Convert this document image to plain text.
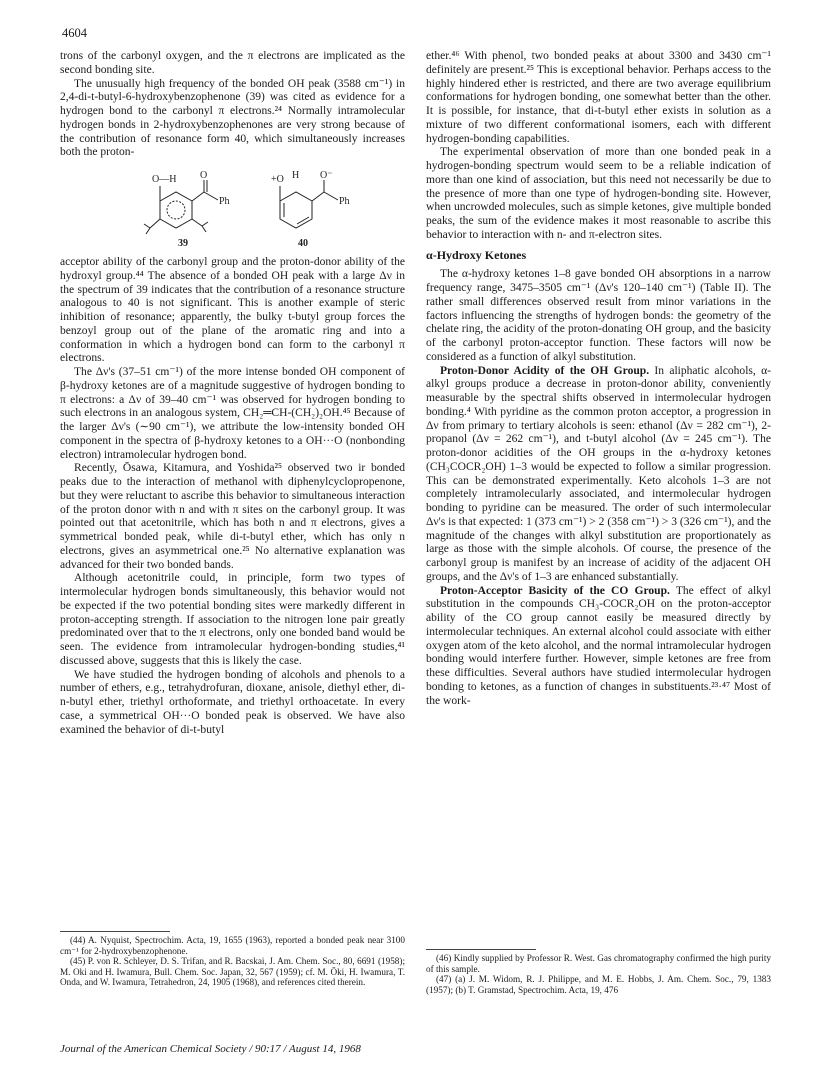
4604

trons of the carbonyl oxygen, and the π electrons are implicated as the second bonding site.

The unusually high frequency of the bonded OH peak (3588 cm⁻¹) in 2,4-di-t-butyl-6-hydroxybenzophenone (39) was cited as evidence for a hydrogen bond to the carbonyl π electrons.²⁴ Normally intramolecular hydrogen bonds in 2-hydroxybenzophenones are very strong because of the contribution of resonance form 40, which simultaneously increases both the proton-

O—H O
Ph
39
+O H O⁻
Ph
40

acceptor ability of the carbonyl group and the proton-donor ability of the hydroxyl group.⁴⁴ The absence of a bonded OH peak with a large Δν in the spectrum of 39 indicates that the contribution of a resonance structure analogous to 40 is not significant. This is another example of steric inhibition of resonance; apparently, the bulky t-butyl group forces the benzoyl group out of the plane of the aromatic ring and into a conformation in which a hydrogen bond can form to the carbonyl π electrons.

The Δν's (37–51 cm⁻¹) of the more intense bonded OH component of β-hydroxy ketones are of a magnitude suggestive of hydrogen bonding to π electrons: a Δν of 39–40 cm⁻¹ was observed for hydrogen bonding to such electrons in an analogous system, CH₂═CH-(CH₂)₂OH.⁴⁵ Because of the larger Δν's (∼90 cm⁻¹), we attribute the low-intensity bonded OH component in the spectra of β-hydroxy ketones to a OH···O (nonbonding electron) intramolecular hydrogen bond.

Recently, Ōsawa, Kitamura, and Yoshida²⁵ observed two ir bonded peaks due to the interaction of methanol with diphenylcyclopropenone, but they were reluctant to ascribe this behavior to simultaneous interaction of the proton donor with n and with π sites on the carbonyl group. It was pointed out that acetonitrile, which has both n and π electrons, gives a symmetrical bonded peak, while di-t-butyl ether, which has only n electrons, gives an asymmetrical one.²⁵ No alternative explanation was advanced for their two bonded bands.

Although acetonitrile could, in principle, form two types of intermolecular hydrogen bonds simultaneously, this behavior would not be expected if the two potential bonding sites were markedly different in proton-accepting strength. If association to the nitrogen lone pair greatly predominated over that to the π electrons, only one bonded band would be seen. The evidence from intramolecular hydrogen-bonding studies,⁴¹ discussed above, suggests that this is likely the case.

We have studied the hydrogen bonding of alcohols and phenols to a number of ethers, e.g., tetrahydrofuran, dioxane, anisole, diethyl ether, di-n-butyl ether, triethyl orthoformate, and triethyl orthoacetate. In every case, a symmetrical OH···O bonded peak is observed. We have also examined the behavior of di-t-butyl

(44) A. Nyquist, Spectrochim. Acta, 19, 1655 (1963), reported a bonded peak near 3100 cm⁻¹ for 2-hydroxybenzophenone.

(45) P. von R. Schleyer, D. S. Trifan, and R. Bacskai, J. Am. Chem. Soc., 80, 6691 (1958); M. Oki and H. Iwamura, Bull. Chem. Soc. Japan, 32, 567 (1959); cf. M. Ōki, H. Iwamura, T. Onda, and W. Iwamura, Tetrahedron, 24, 1905 (1968), and references cited therein.

ether.⁴⁶ With phenol, two bonded peaks at about 3300 and 3430 cm⁻¹ definitely are present.²⁵ This is exceptional behavior. Perhaps access to the highly hindered ether is restricted, and there are two average equilibrium conformations for hydrogen bonding, one somewhat better than the other. It is possible, for instance, that di-t-butyl ether exists in solution as a mixture of two different conformational isomers, each with different hydrogen-bonding capabilities.

The experimental observation of more than one bonded peak in a hydrogen-bonding spectrum would seem to be a reliable indication of more than one kind of association, but this need not necessarily be due to the presence of more than one type of hydrogen-bonding site. However, when uncrowded molecules, such as simple ketones, give multiple bonded peaks, the sum of the evidence makes it most reasonable to ascribe this behavior to interaction with n- and π-electron sites.

α-Hydroxy Ketones

The α-hydroxy ketones 1–8 gave bonded OH absorptions in a narrow frequency range, 3475–3505 cm⁻¹ (Δν's 120–140 cm⁻¹) (Table II). The rather small differences observed result from minor variations in the factors influencing the strengths of hydrogen bonds: the geometry of the chelate ring, the acidity of the proton-donating OH group, and the basicity of the carbonyl proton-acceptor function. These factors will now be considered as a function of alkyl substitution.

Proton-Donor Acidity of the OH Group. In aliphatic alcohols, α-alkyl groups produce a decrease in proton-donor ability, conveniently measurable by the spectral shifts observed in intermolecular hydrogen bonding.⁴ With pyridine as the common proton acceptor, a progression in Δν from primary to tertiary alcohols is seen: ethanol (Δν = 282 cm⁻¹), 2-propanol (Δν = 262 cm⁻¹), and t-butyl alcohol (Δν = 245 cm⁻¹). The proton-donor acidities of the OH groups in the α-hydroxy ketones (CH₃COCR₂OH) 1–3 would be expected to follow a similar progression. This can be demonstrated experimentally. Keto alcohols 1–3 are not completely intramolecularly associated, and intermolecular hydrogen bonding to pyridine can be measured. The order of such intermolecular Δν's is that expected: 1 (373 cm⁻¹) > 2 (358 cm⁻¹) > 3 (326 cm⁻¹), and the magnitude of the changes with alkyl substitution are proportionately as large as those with the simple alcohols. Of course, the presence of the carbonyl group is manifest by an increase of acidity of the adjacent OH groups, and the Δν's of 1–3 are enhanced substantially.

Proton-Acceptor Basicity of the CO Group. The effect of alkyl substitution in the compounds CH₃-COCR₂OH on the proton-acceptor ability of the CO group cannot easily be measured directly by intermolecular techniques. An external alcohol could associate with either oxygen atom of the keto alcohol, and the normal intramolecular hydrogen bonding would interfere further. However, simple ketones are free from these difficulties. Several authors have studied intermolecular hydrogen bonding to ketones, as a function of changes in substituents.²³·⁴⁷ Most of the work-

(46) Kindly supplied by Professor R. West. Gas chromatography confirmed the high purity of this sample.

(47) (a) J. M. Widom, R. J. Philippe, and M. E. Hobbs, J. Am. Chem. Soc., 79, 1383 (1957); (b) T. Gramstad, Spectrochim. Acta, 19, 476

Journal of the American Chemical Society / 90:17 / August 14, 1968
